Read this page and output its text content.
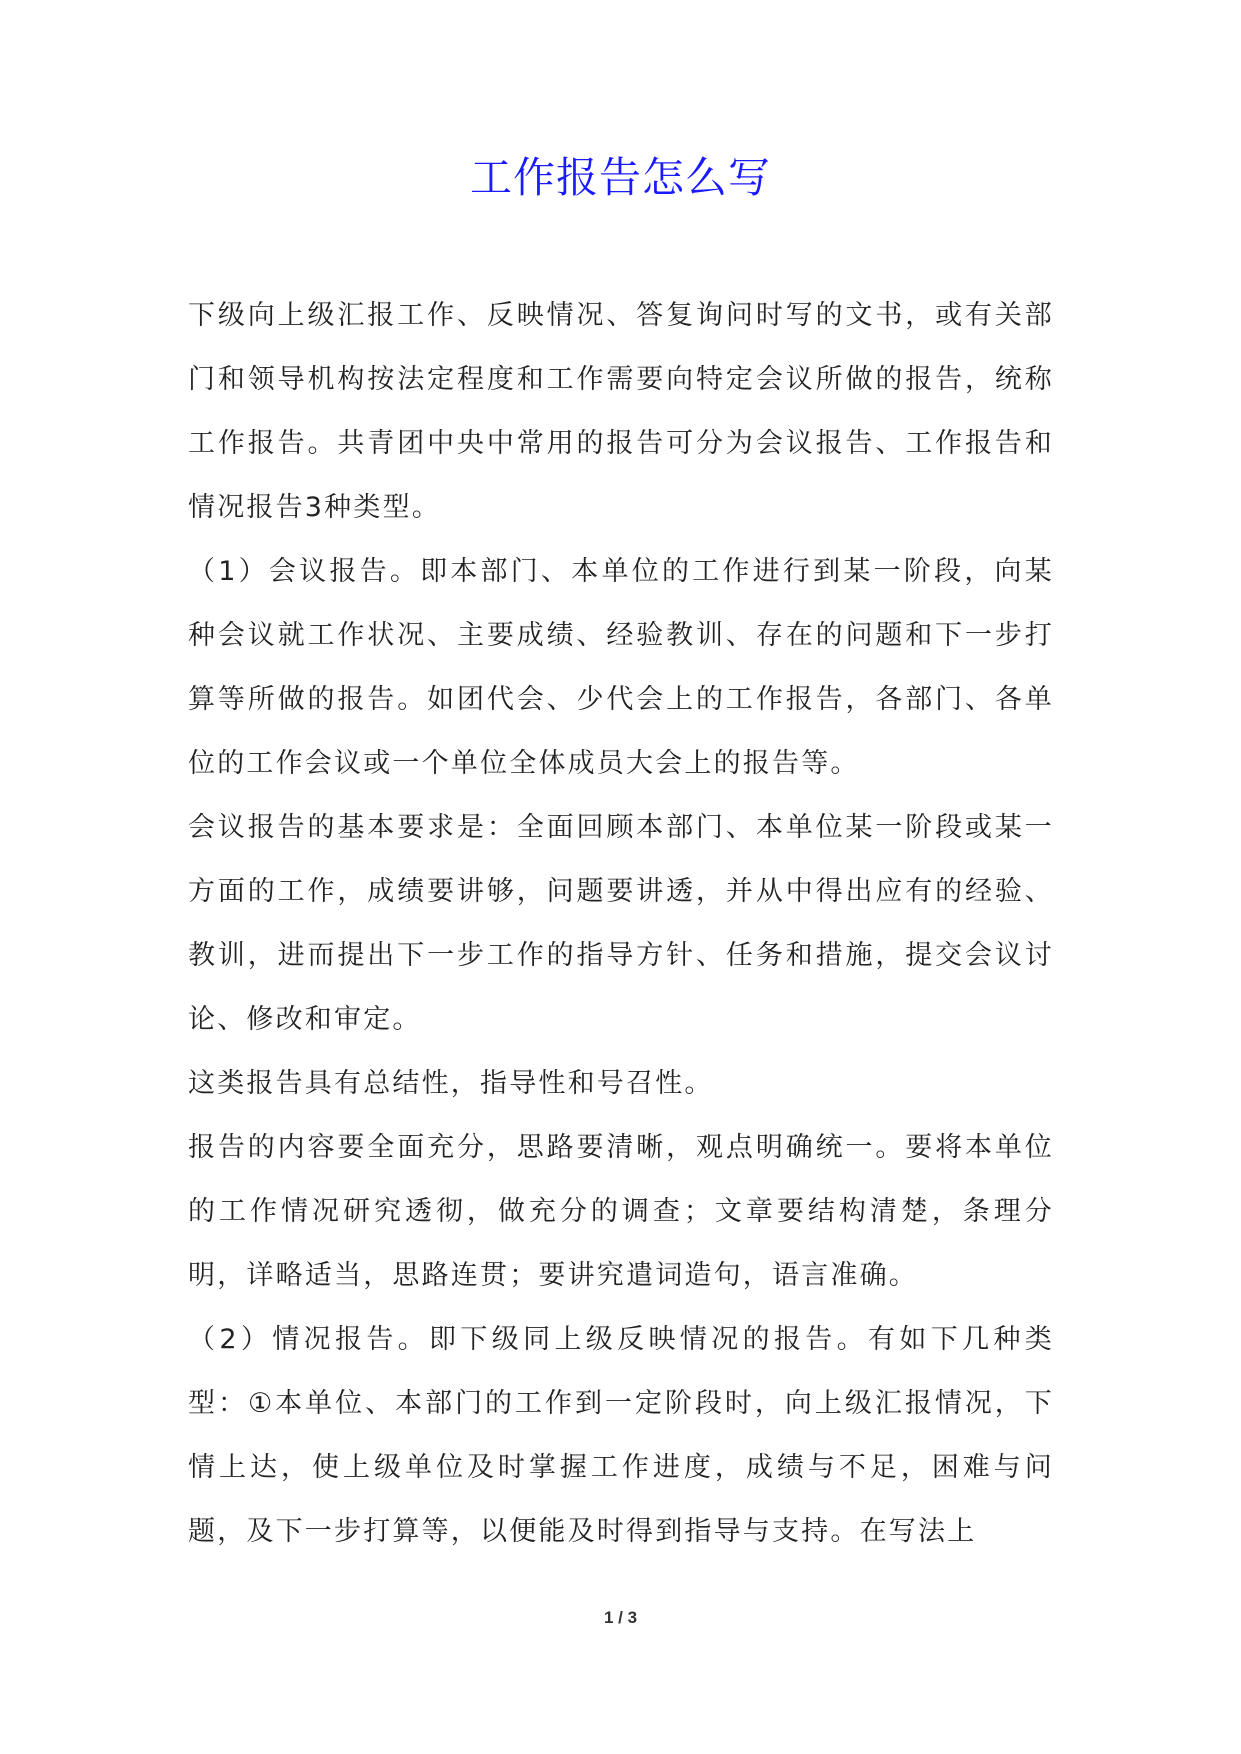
工作报告怎么写

下级向上级汇报工作、反映情况、答复询问时写的文书，或有关部门和领导机构按法定程度和工作需要向特定会议所做的报告，统称工作报告。共青团中央中常用的报告可分为会议报告、工作报告和情况报告3种类型。

（1）会议报告。即本部门、本单位的工作进行到某一阶段，向某种会议就工作状况、主要成绩、经验教训、存在的问题和下一步打算等所做的报告。如团代会、少代会上的工作报告，各部门、各单位的工作会议或一个单位全体成员大会上的报告等。

会议报告的基本要求是：全面回顾本部门、本单位某一阶段或某一方面的工作，成绩要讲够，问题要讲透，并从中得出应有的经验、教训，进而提出下一步工作的指导方针、任务和措施，提交会议讨论、修改和审定。

这类报告具有总结性，指导性和号召性。

报告的内容要全面充分，思路要清晰，观点明确统一。要将本单位的工作情况研究透彻，做充分的调查；文章要结构清楚，条理分明，详略适当，思路连贯；要讲究遣词造句，语言准确。

（2）情况报告。即下级同上级反映情况的报告。有如下几种类型：①本单位、本部门的工作到一定阶段时，向上级汇报情况，下情上达，使上级单位及时掌握工作进度，成绩与不足，困难与问题，及下一步打算等，以便能及时得到指导与支持。在写法上

1 / 3
